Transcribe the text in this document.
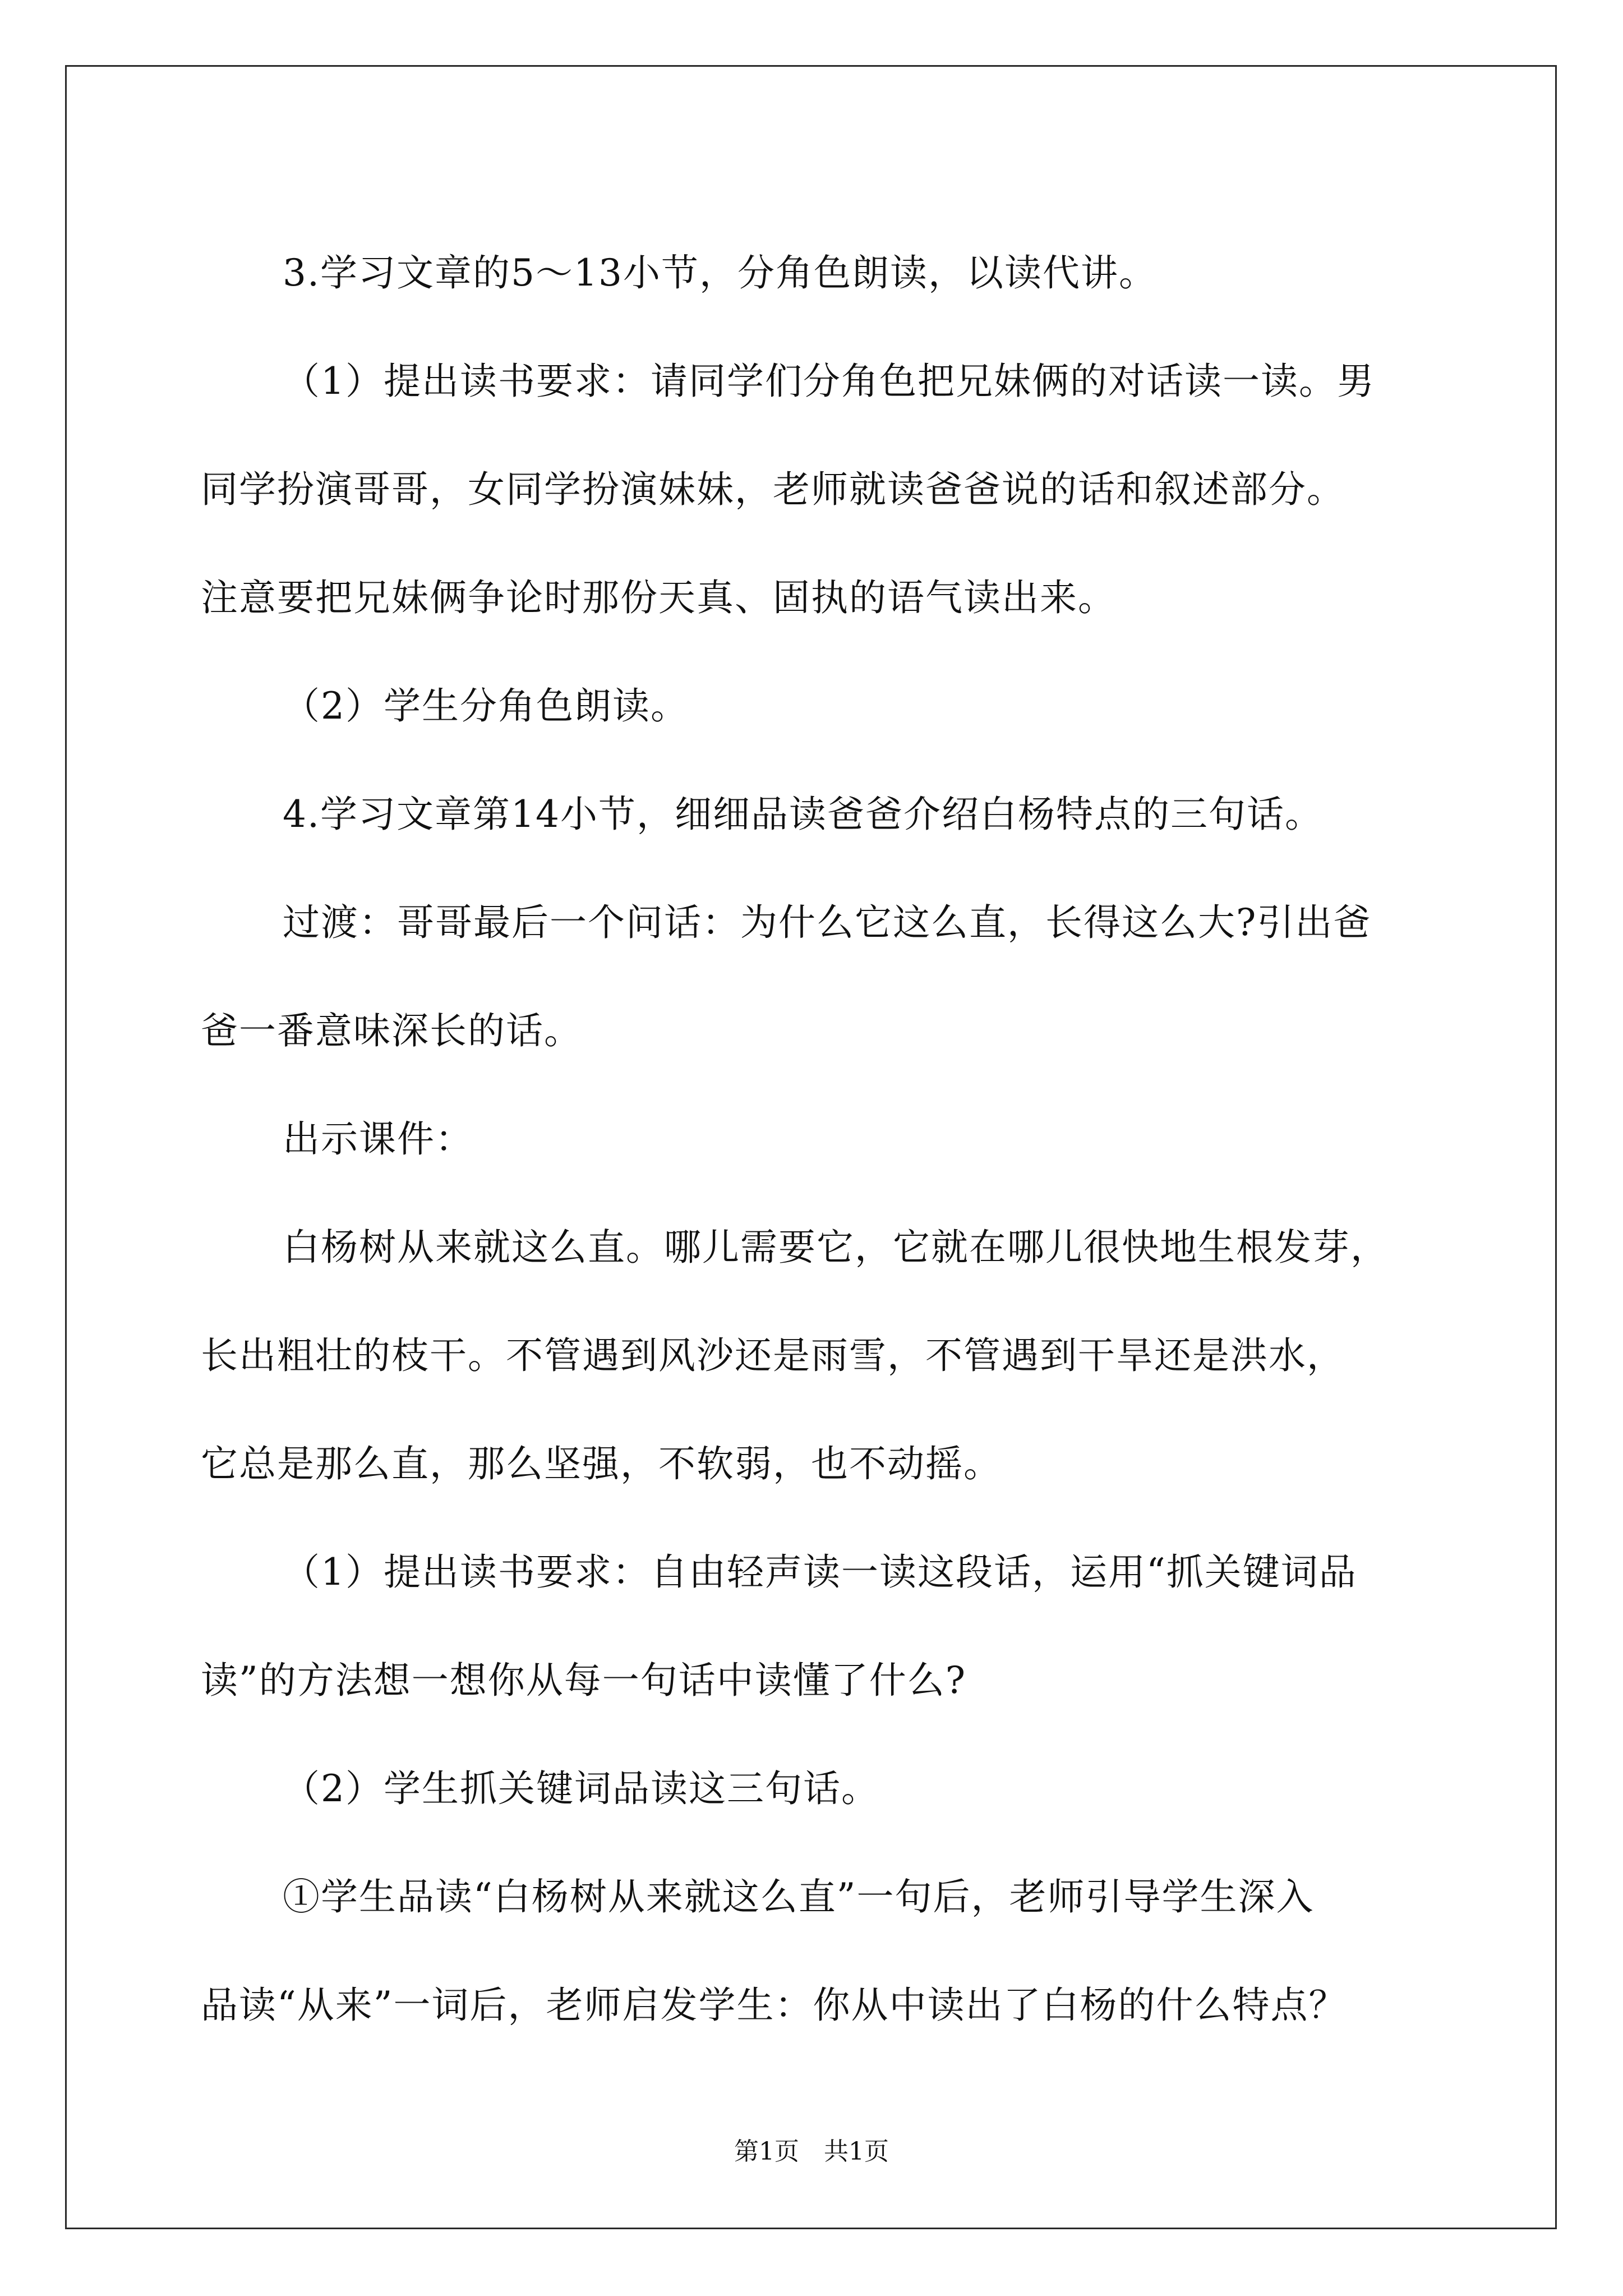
3.学习文章的5～13小节，分角色朗读，以读代讲。

（1）提出读书要求：请同学们分角色把兄妹俩的对话读一读。男

同学扮演哥哥，女同学扮演妹妹，老师就读爸爸说的话和叙述部分。

注意要把兄妹俩争论时那份天真、固执的语气读出来。

（2）学生分角色朗读。

4.学习文章第14小节，细细品读爸爸介绍白杨特点的三句话。

过渡：哥哥最后一个问话：为什么它这么直，长得这么大?引出爸

爸一番意味深长的话。

出示课件：

白杨树从来就这么直。哪儿需要它，它就在哪儿很快地生根发芽，

长出粗壮的枝干。不管遇到风沙还是雨雪，不管遇到干旱还是洪水，

它总是那么直，那么坚强，不软弱，也不动摇。

（1）提出读书要求：自由轻声读一读这段话，运用“抓关键词品

读”的方法想一想你从每一句话中读懂了什么?

（2）学生抓关键词品读这三句话。

①学生品读“白杨树从来就这么直”一句后，老师引导学生深入

品读“从来”一词后，老师启发学生：你从中读出了白杨的什么特点？

第1页　共1页
